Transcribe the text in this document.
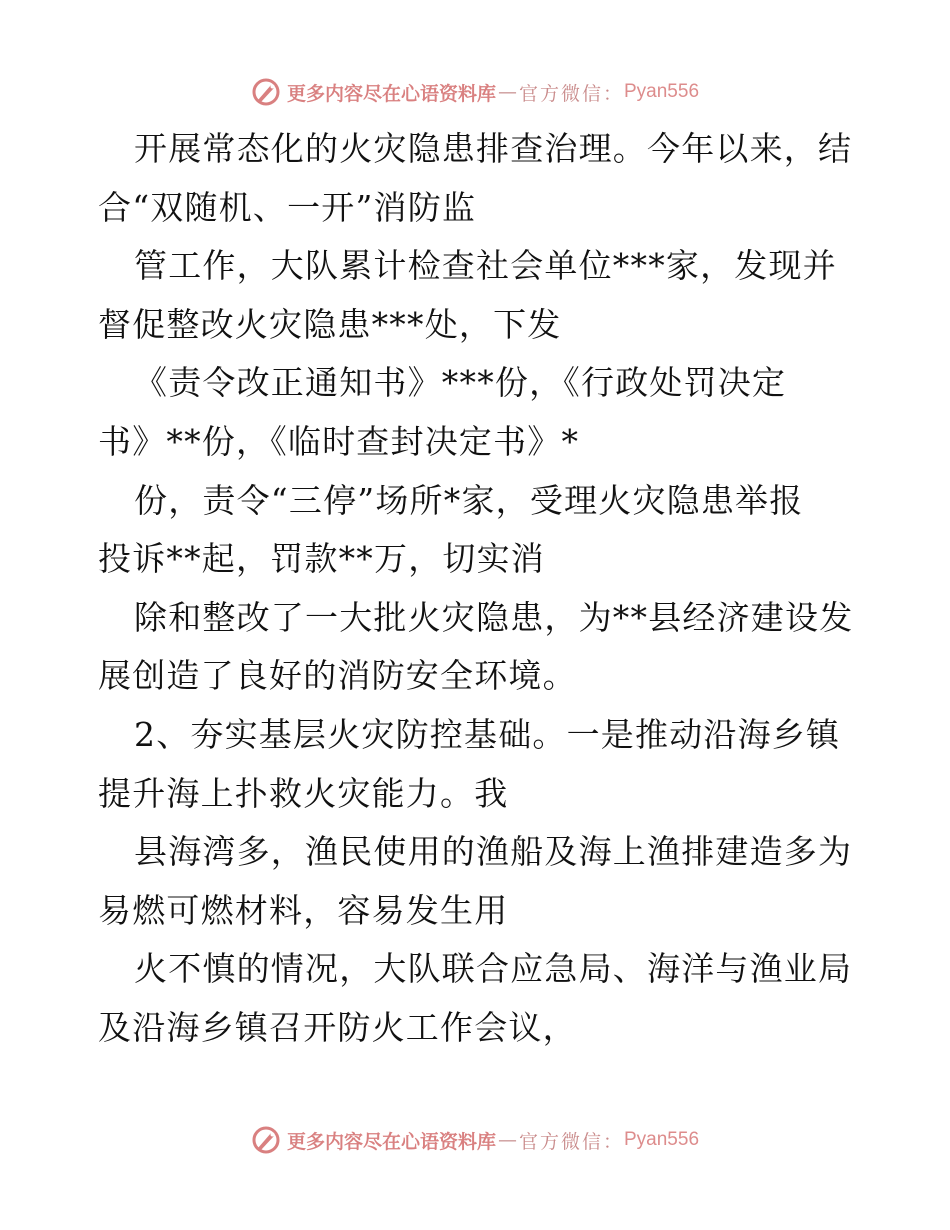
更多内容尽在心语资料库 — 官方微信： Pyan556
开展常态化的火灾隐患排查治理。今年以来，结
合“双随机、一开”消防监
管工作，大队累计检查社会单位***家，发现并
督促整改火灾隐患***处，下发
《责令改正通知书》***份，《行政处罚决定
书》**份，《临时查封决定书》*
份，责令“三停”场所*家，受理火灾隐患举报
投诉**起，罚款**万，切实消
除和整改了一大批火灾隐患，为**县经济建设发
展创造了良好的消防安全环境。
2、夯实基层火灾防控基础。一是推动沿海乡镇
提升海上扑救火灾能力。我
县海湾多，渔民使用的渔船及海上渔排建造多为
易燃可燃材料，容易发生用
火不慎的情况，大队联合应急局、海洋与渔业局
及沿海乡镇召开防火工作会议，
更多内容尽在心语资料库 — 官方微信： Pyan556
